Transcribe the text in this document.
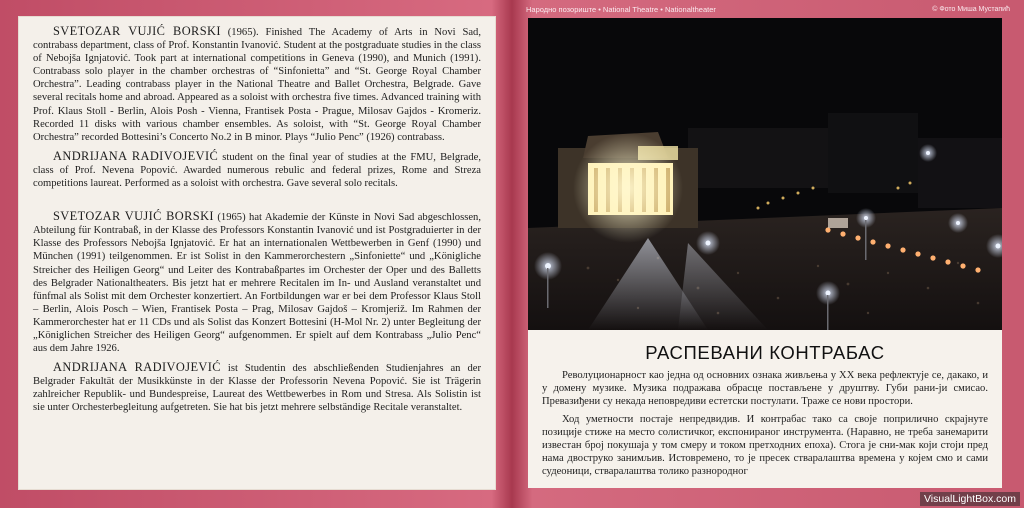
SVETOZAR VUJIĆ BORSKI (1965). Finished The Academy of Arts in Novi Sad, contrabass department, class of Prof. Konstantin Ivanović. Student at the postgraduate studies in the class of Nebojša Ignjatović. Took part at international competitions in Geneva (1990), and Munich (1991). Contrabass solo player in the chamber orchestras of “Sinfonietta” and “St. George Royal Chamber Orchestra”. Leading contrabass player in the National Theatre and Ballet Orchestra, Belgrade. Gave several recitals home and abroad. Appeared as a soloist with orchestra five times. Advanced training with Prof. Klaus Stoll - Berlin, Alois Posh - Vienna, Frantisek Posta - Prague, Milosav Gajdos - Kromeriz. Recorded 11 disks with various chamber ensembles. As soloist, with “St. George Royal Chamber Orchestra” recorded Bottesini’s Concerto No.2 in B minor. Plays “Julio Penc” (1926) contrabass.

ANDRIJANA RADIVOJEVIĆ student on the final year of studies at the FMU, Belgrade, class of Prof. Nevena Popović. Awarded numerous rebulic and federal prizes, Rome and Streza competitions laureat. Performed as a soloist with orchestra. Gave several solo recitals.

SVETOZAR VUJIĆ BORSKI (1965) hat Akademie der Künste in Novi Sad abgeschlossen, Abteilung für Kontrabaß, in der Klasse des Professors Konstantin Ivanović und ist Postgraduierter in der Klasse des Professors Nebojša Ignjatović. Er hat an internationalen Wettbewerben in Genf (1990) und München (1991) teilgenommen. Er ist Solist in den Kammerorchestern „Sinfoniette“ und „Königliche Streicher des Heiligen Georg“ und Leiter des Kontrabaßpartes im Orchester der Oper und des Balletts des Belgrader Nationaltheaters. Bis jetzt hat er mehrere Recitalen im In- und Ausland veranstaltet und fünfmal als Solist mit dem Orchester konzertiert. An Fortbildungen war er bei dem Professor Klaus Stoll – Berlin, Alois Posch – Wien, Frantisek Posta – Prag, Milosav Gajdoš – Kromjeriž. Im Rahmen der Kammerorchester hat er 11 CDs und als Solist das Konzert Bottesini (H-Mol Nr. 2) unter Begleitung der „Königlichen Streicher des Heiligen Georg“ aufgenommen. Er spielt auf dem Kontrabass „Julio Penc“ aus dem Jahre 1926.

ANDRIJANA RADIVOJEVIĆ ist Studentin des abschließenden Studienjahres an der Belgrader Fakultät der Musikkünste in der Klasse der Professorin Nevena Popović. Sie ist Trägerin zahlreicher Republik- und Bundespreise, Laureat des Wettbewerbes in Rom und Stresa. Als Solistin ist sie unter Orchesterbegleitung aufgetreten. Sie hat bis jetzt mehrere selbständige Recitale veranstaltet.

Народно позориште • National Theatre • Nationaltheater	© Фото Миша Мустапић
РАСПЕВАНИ КОНТРАБАС

Револуционарност као једна од основних ознака живљења у XX века рефлектује се, дакако, и у домену музике. Музика подражава обрасце постављене у друштву. Губи рани-ји смисао. Превазиђени су некада неповредиви естетски постулати. Траже се нови простори.

Ход уметности постаје непредвидив. И контрабас тако са своје поприлично скрајнуте позиције стиже на место солистичког, експонираног инструмента. (Наравно, не треба занемарити известан број покушаја у том смеру и током претходних епоха). Стога је сни-мак који стоји пред нама двоструко занимљив. Истовремено, то је пресек стваралаштва времена у којем смо и сами судеоници, стваралаштва толико разнородног

VisualLightBox.com
